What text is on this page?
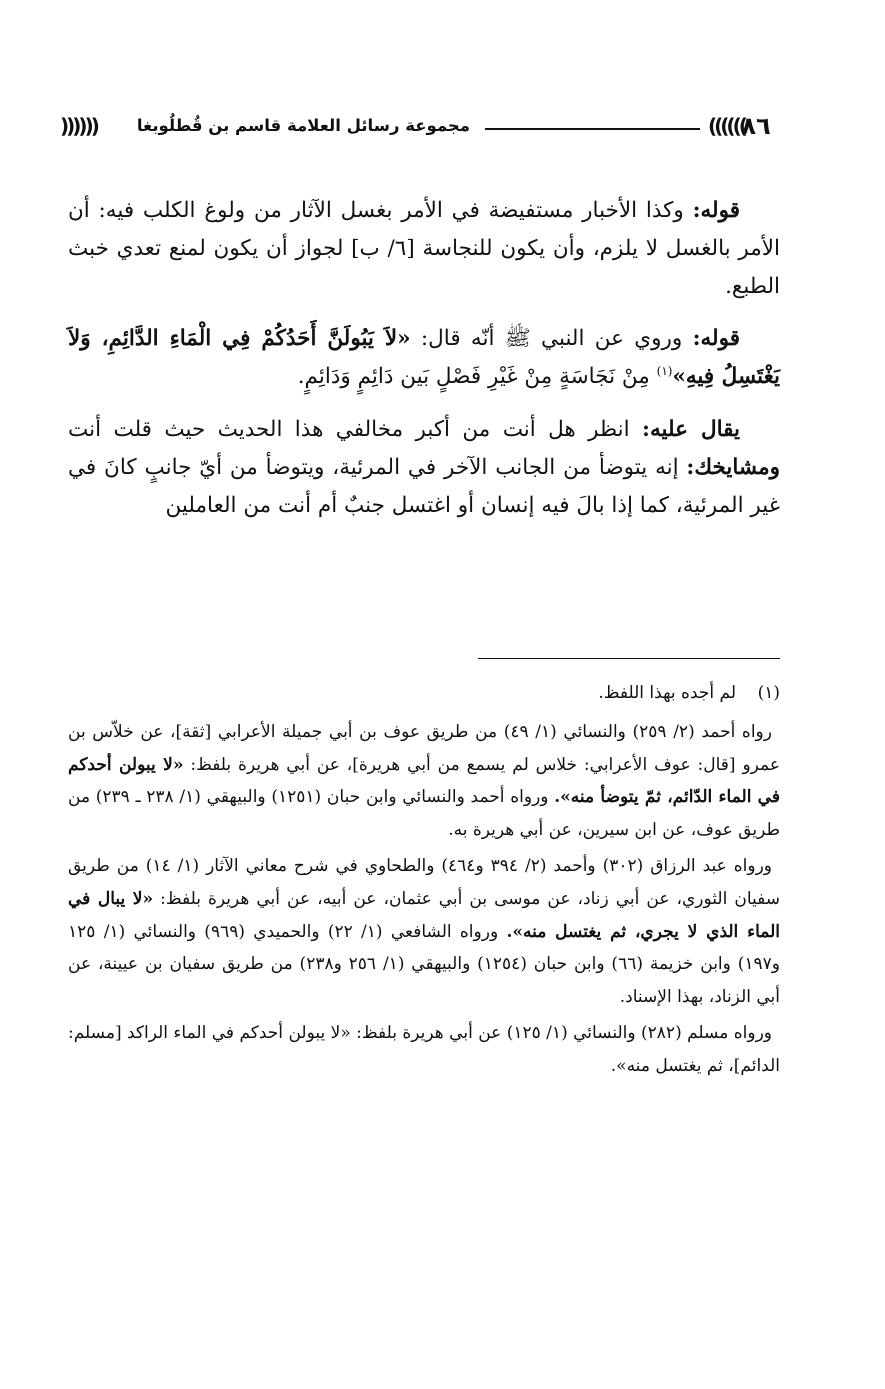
)))))) مجموعة رسائل العلامة قاسم بن قُطلُوبغا	((((((
٨٦

قوله: وكذا الأخبار مستفيضة في الأمر بغسل الآثار من ولوغ الكلب فيه: أن الأمر بالغسل لا يلزم، وأن يكون للنجاسة [٦/ ب] لجواز أن يكون لمنع تعدي خبث الطبع.

قوله: وروي عن النبي ﷺ أنّه قال: «لاَ يَبُولَنَّ أَحَدُكُمْ فِي الْمَاءِ الدَّائِمِ، وَلاَ يَغْتَسِلُ فِيهِ»$^{(١)}$ مِنْ نَجَاسَةٍ مِنْ غَيْرِ فَصْلٍ بَين دَائِمٍ وَدَائِمٍ.

يقال عليه: انظر هل أنت من أكبر مخالفي هذا الحديث حيث قلت أنت ومشايخك: إنه يتوضأ من الجانب الآخر في المرئية، ويتوضأ من أيّ جانبٍ كانَ في غير المرئية، كما إذا بالَ فيه إنسان أو اغتسل جنبٌ أم أنت من العاملين

(١)لم أجده بهذا اللفظ.

رواه أحمد (٢/ ٢٥٩) والنسائي (١/ ٤٩) من طريق عوف بن أبي جميلة الأعرابي [ثقة]، عن خلاّس بن عمرو [قال: عوف الأعرابي: خلاس لم يسمع من أبي هريرة]، عن أبي هريرة بلفظ: «لا يبولن أحدكم في الماء الدّائم، ثمّ يتوضأ منه». ورواه أحمد والنسائي وابن حبان (١٢٥١) والبيهقي (١/ ٢٣٨ ـ ٢٣٩) من طريق عوف، عن ابن سيرين، عن أبي هريرة به.

ورواه عبد الرزاق (٣٠٢) وأحمد (٢/ ٣٩٤ و٤٦٤) والطحاوي في شرح معاني الآثار (١/ ١٤) من طريق سفيان الثوري، عن أبي زناد، عن موسى بن أبي عثمان، عن أبيه، عن أبي هريرة بلفظ: «لا يبال في الماء الذي لا يجري، ثم يغتسل منه». ورواه الشافعي (١/ ٢٢) والحميدي (٩٦٩) والنسائي (١/ ١٢٥ و١٩٧) وابن خزيمة (٦٦) وابن حبان (١٢٥٤) والبيهقي (١/ ٢٥٦ و٢٣٨) من طريق سفيان بن عيينة، عن أبي الزناد، بهذا الإسناد.

ورواه مسلم (٢٨٢) والنسائي (١/ ١٢٥) عن أبي هريرة بلفظ: «لا يبولن أحدكم في الماء الراكد [مسلم: الدائم]، ثم يغتسل منه».
